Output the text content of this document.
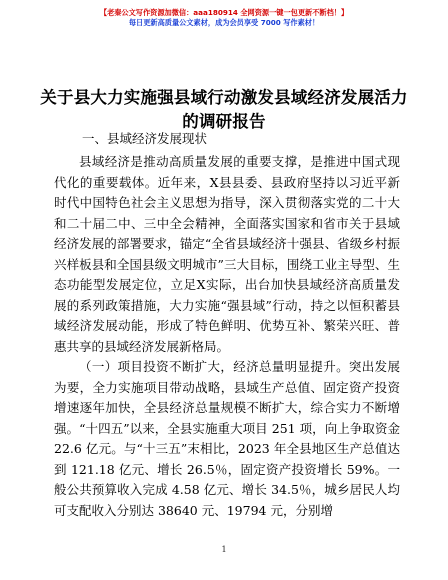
【老秦公文写作资源加微信：aaa180914 全网资源一键一包更新不断档！】
每日更新高质量公文素材，成为会员享受 7000 写作素材！
关于县大力实施强县域行动激发县域经济发展活力的调研报告
一、县域经济发展现状
县域经济是推动高质量发展的重要支撑，是推进中国式现代化的重要载体。近年来，X县县委、县政府坚持以习近平新时代中国特色社会主义思想为指导，深入贯彻落实党的二十大和二十届二中、三中全会精神，全面落实国家和省市关于县域经济发展的部署要求，锚定“全省县域经济十强县、省级乡村振兴样板县和全国县级文明城市”三大目标，围绕工业主导型、生态功能型发展定位，立足X实际，出台加快县域经济高质量发展的系列政策措施，大力实施“强县域”行动，持之以恒积蓄县域经济发展动能，形成了特色鲜明、优势互补、繁荣兴旺、普惠共享的县域经济发展新格局。
（一）项目投资不断扩大，经济总量明显提升。突出发展为要，全力实施项目带动战略，县域生产总值、固定资产投资增速逐年加快，全县经济总量规模不断扩大，综合实力不断增强。“十四五”以来，全县实施重大项目 251 项，向上争取资金 22.6 亿元。与“十三五”末相比，2023 年全县地区生产总值达到 121.18 亿元、增长 26.5％，固定资产投资增长 59%。一般公共预算收入完成 4.58 亿元、增长 34.5％，城乡居民人均可支配收入分别达 38640 元、19794 元，分别增
1
